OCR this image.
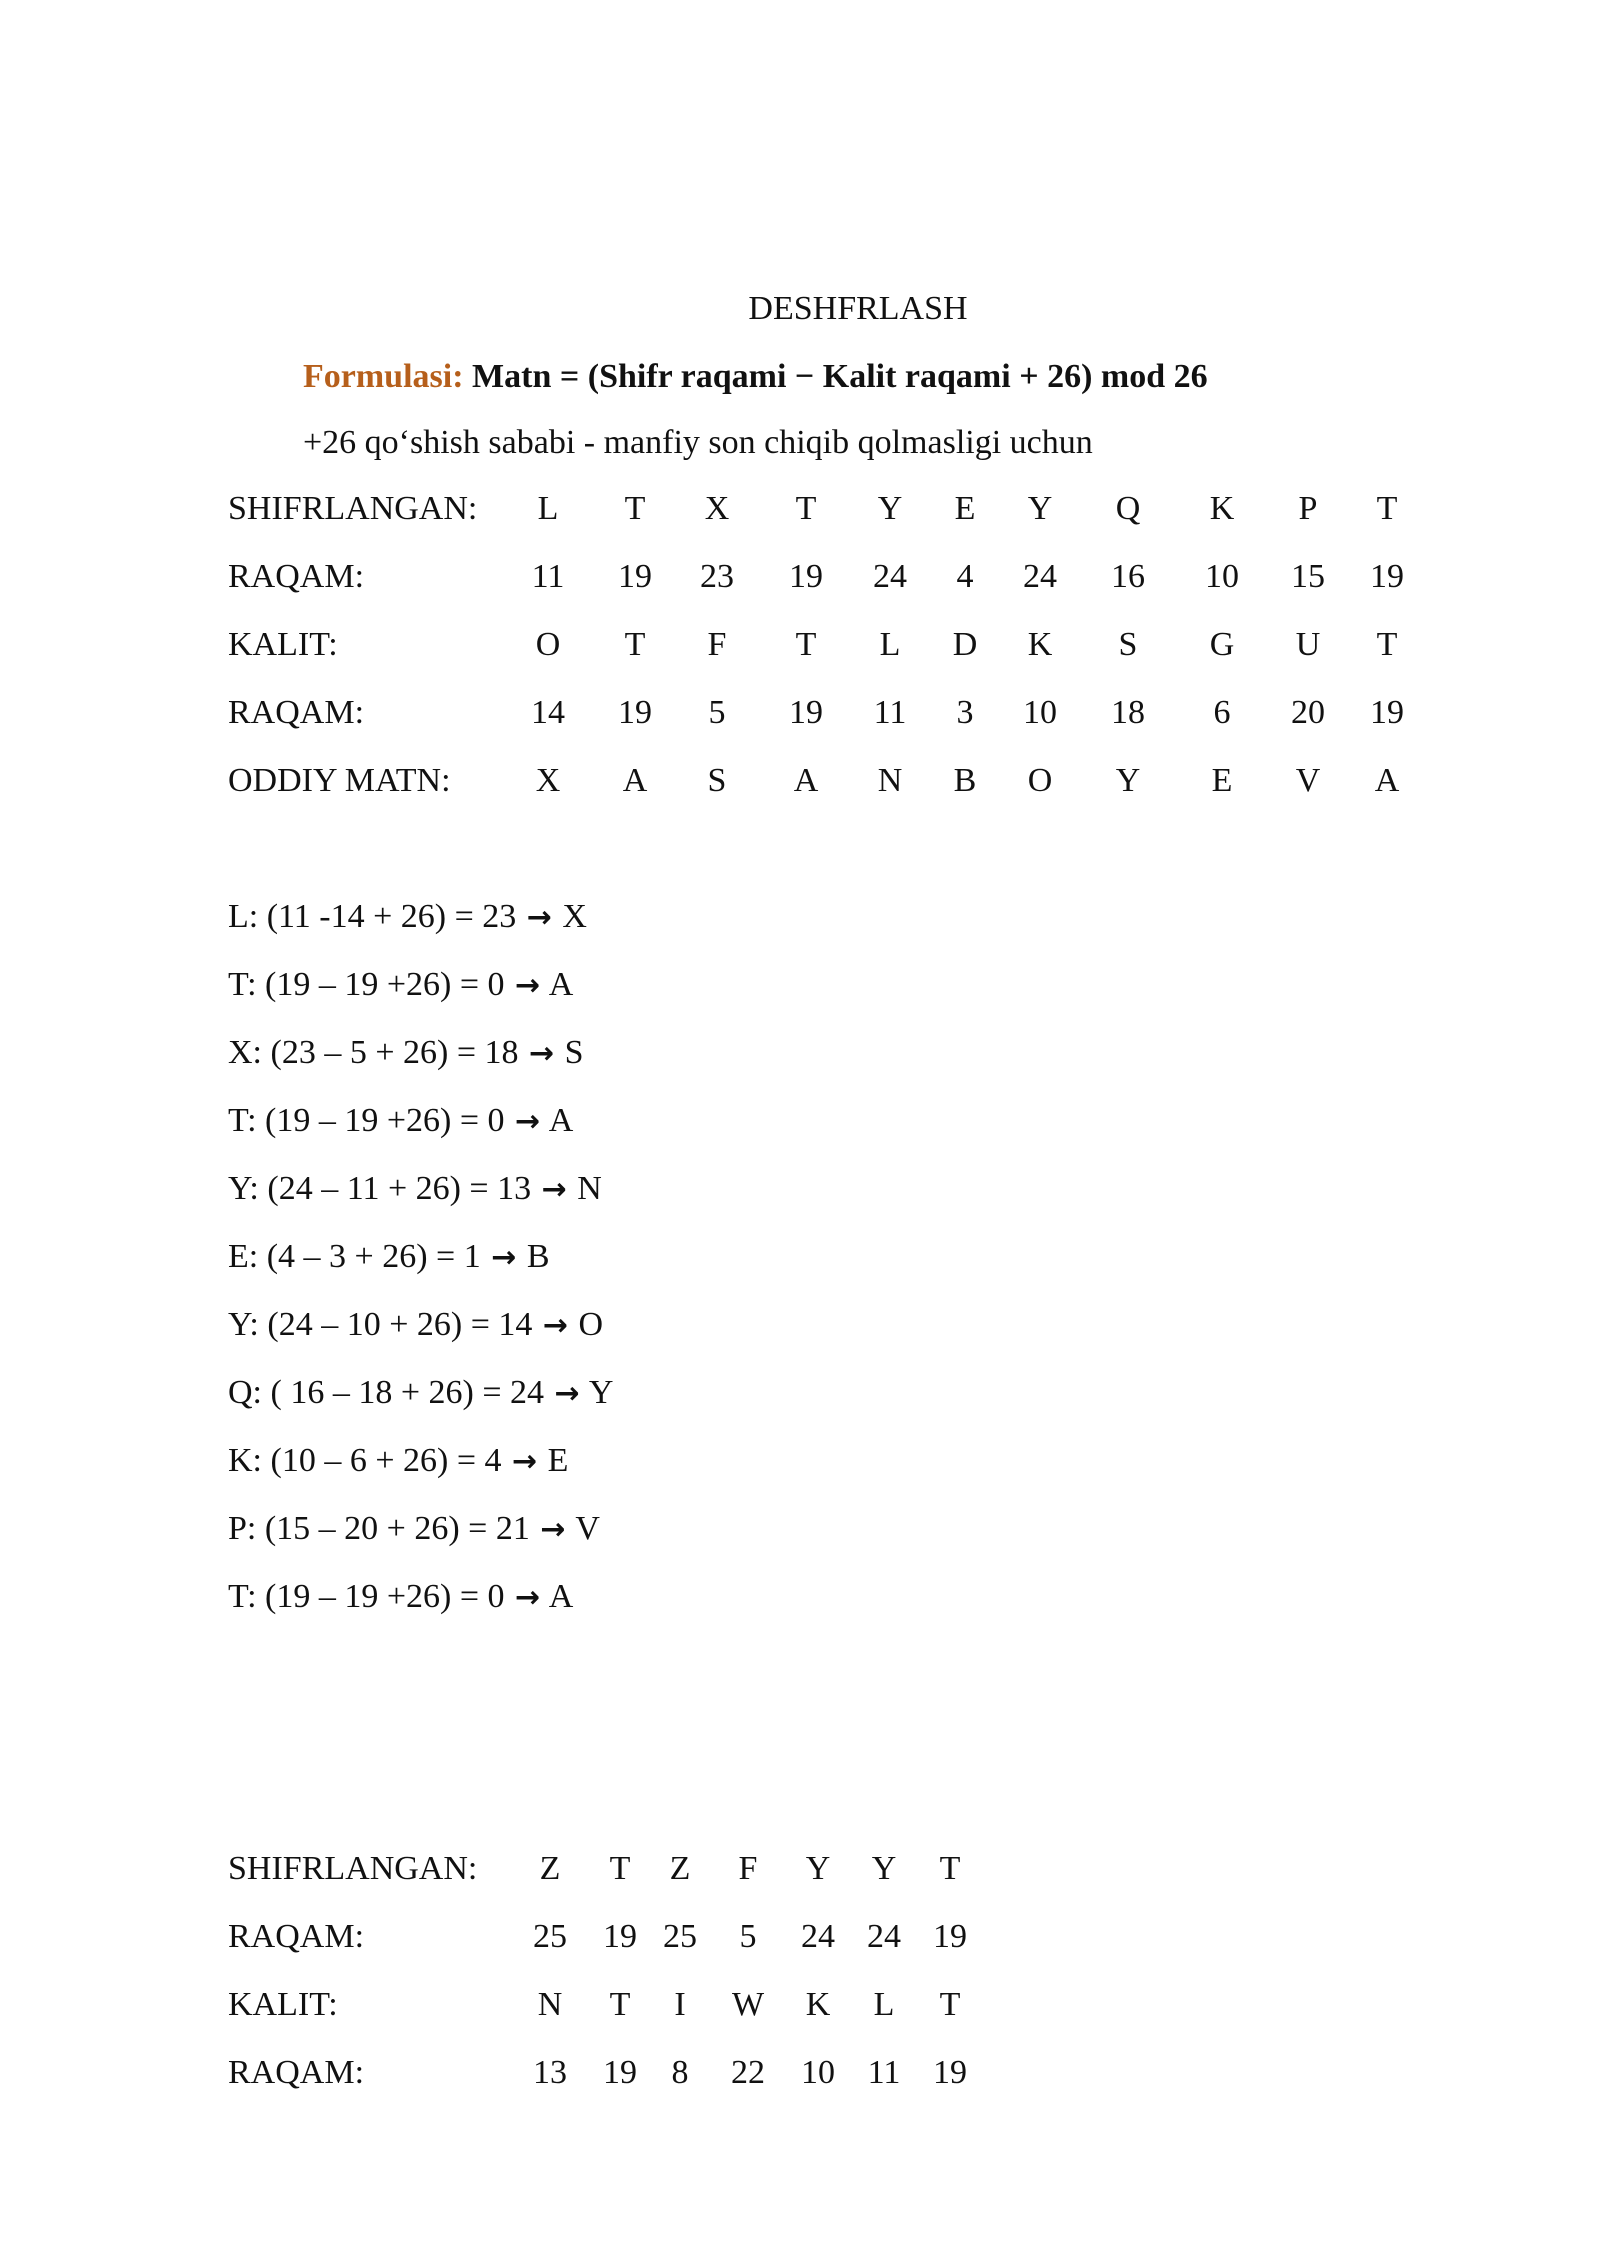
DESHFRLASH
Formulasi: Matn = (Shifr raqami − Kalit raqami + 26) mod 26
+26 qo‘shish sababi - manfiy son chiqib qolmasligi uchun
SHIFRLANGAN:	L	T	X	T	Y	E	Y	Q	K	P	T
RAQAM:	11	19	23	19	24	4	24	16	10	15	19
KALIT:	O	T	F	T	L	D	K	S	G	U	T
RAQAM:	14	19	5	19	11	3	10	18	6	20	19
ODDIY MATN:	X	A	S	A	N	B	O	Y	E	V	A
L: (11 -14 + 26) = 23 → X
T: (19 – 19 +26) = 0 → A
X: (23 – 5 + 26) = 18 → S
T: (19 – 19 +26) = 0 → A
Y: (24 – 11 + 26) = 13 → N
E: (4 – 3 + 26) = 1 → B
Y: (24 – 10 + 26) = 14 → O
Q: ( 16 – 18 + 26) = 24 → Y
K: (10 – 6 + 26) = 4 → E
P: (15 – 20 + 26) = 21 → V
T: (19 – 19 +26) = 0 → A
SHIFRLANGAN:	Z	T	Z	F	Y	Y	T
RAQAM:	25	19 25	5	24 24 19
KALIT:	N	T	I	W	K	L	T
RAQAM:	13	19	8	22	10 11 19
